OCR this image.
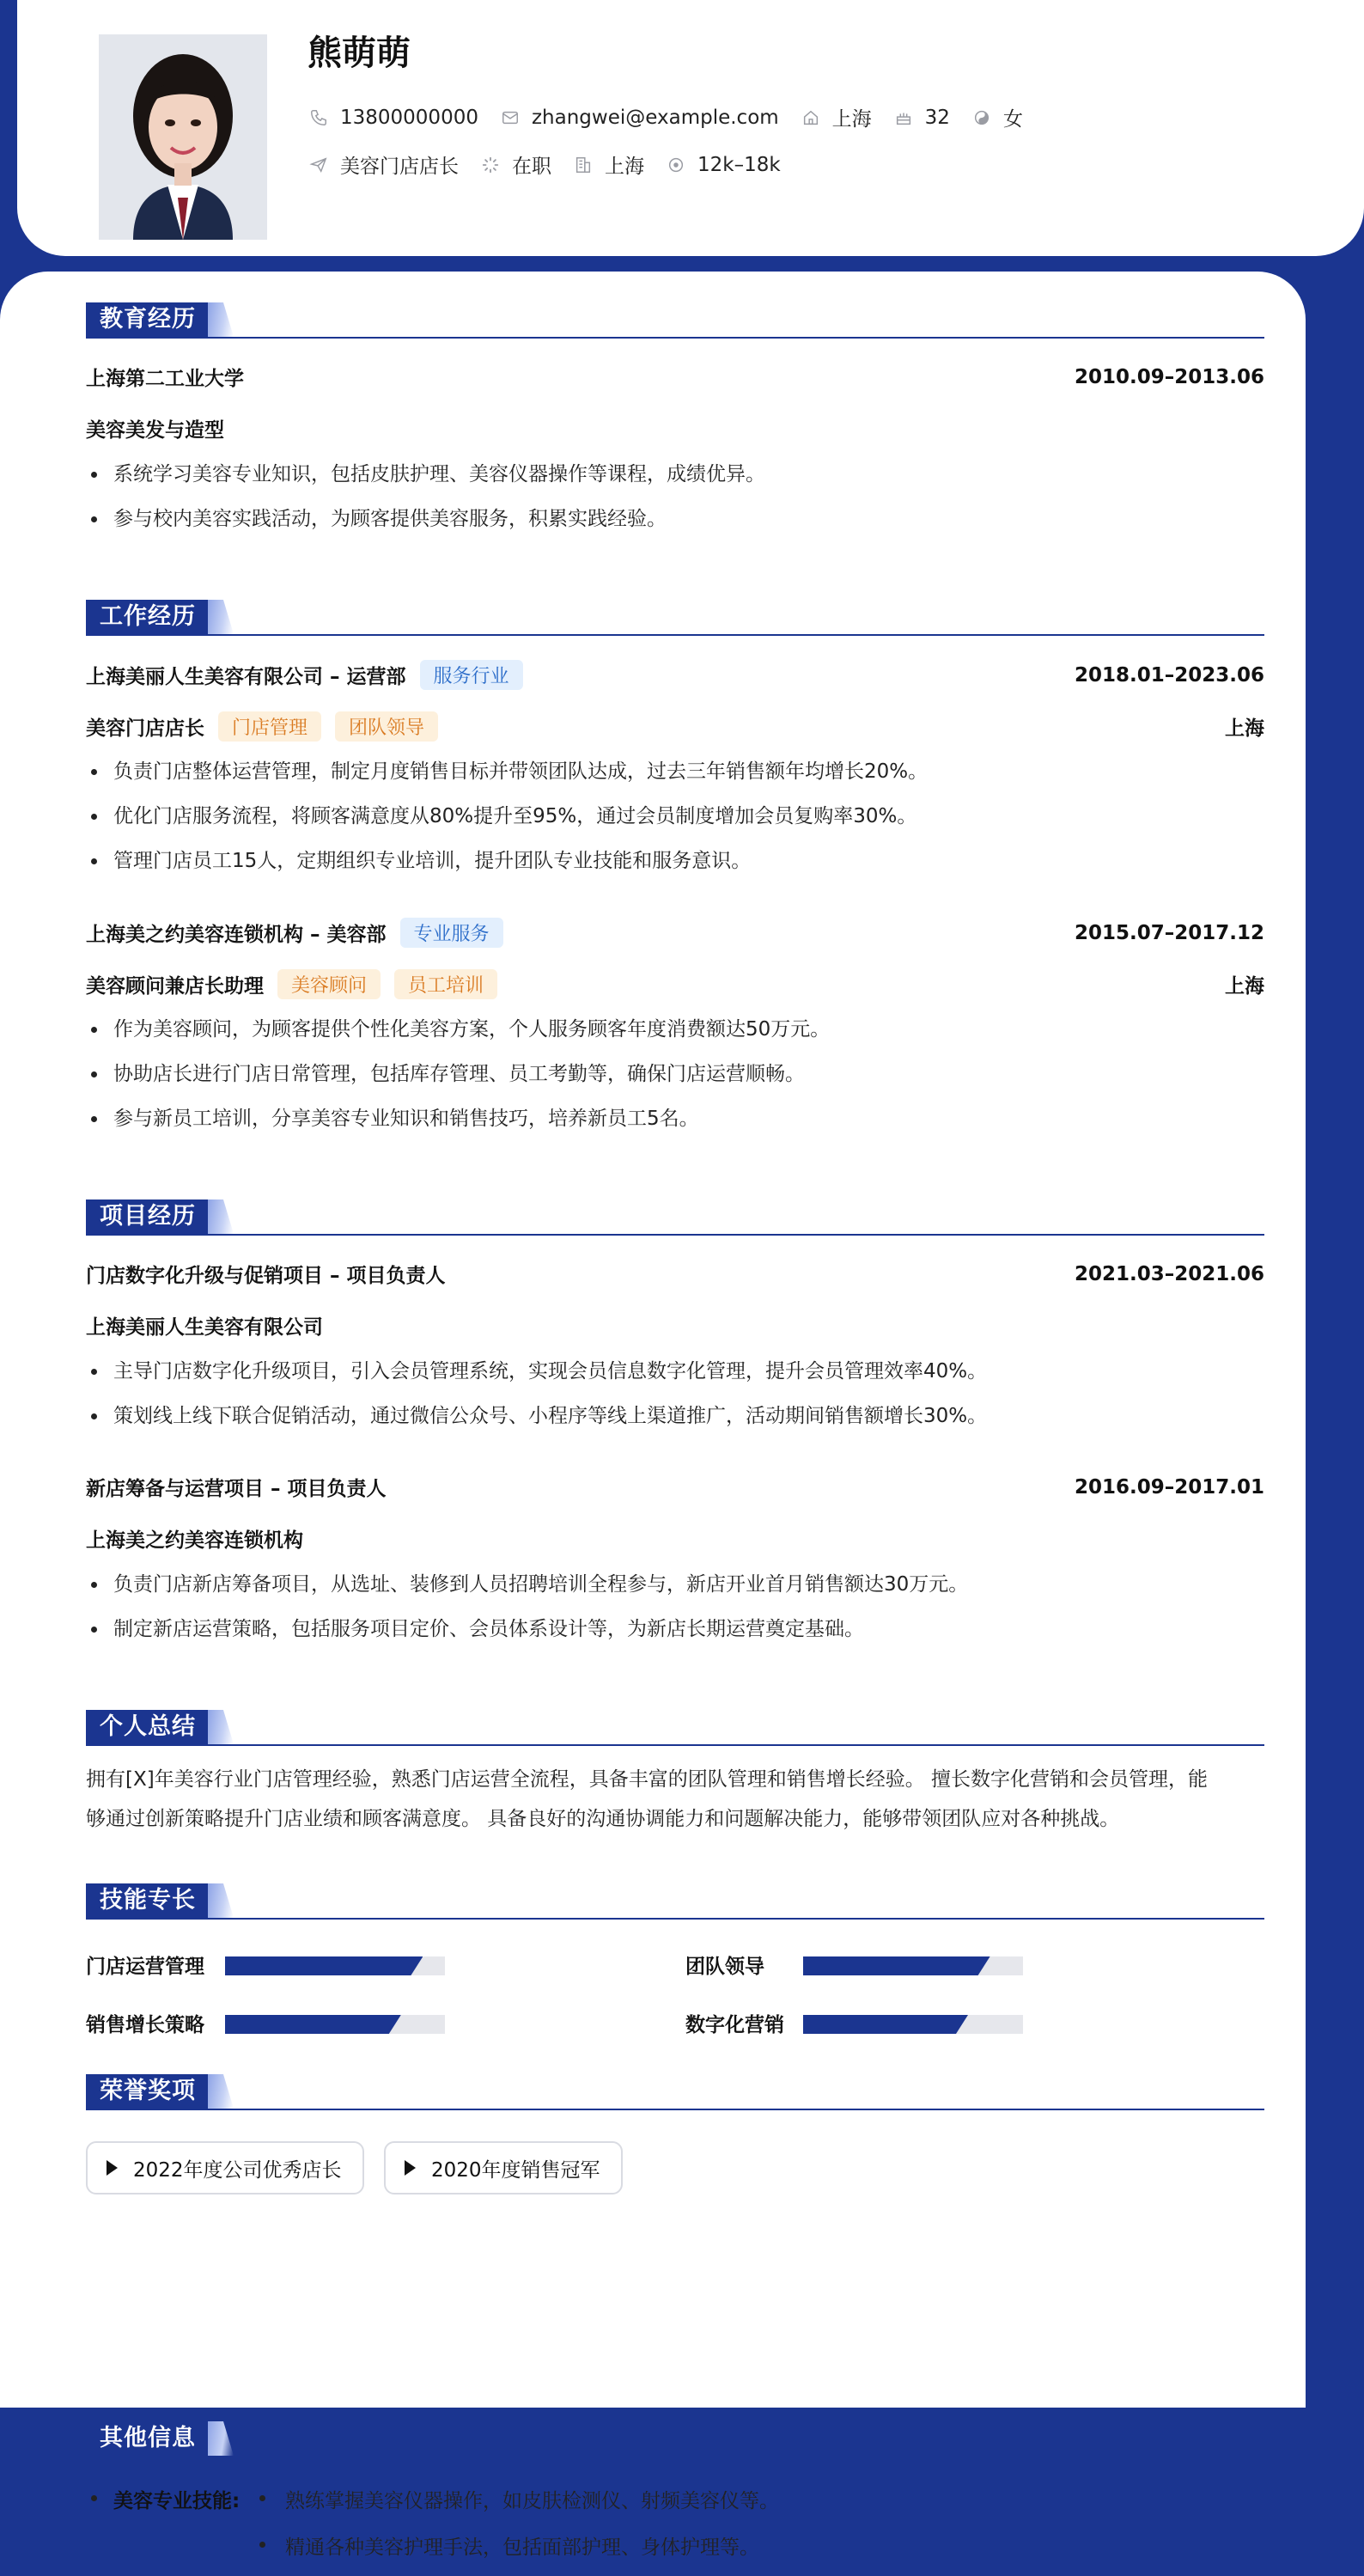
熊萌萌
13800000000	zhangwei@example.com	上海	32	女
美容门店店长	在职	上海	12k–18k
教育经历
上海第二工业大学	2010.09–2013.06
美容美发与造型
系统学习美容专业知识，包括皮肤护理、美容仪器操作等课程，成绩优异。
参与校内美容实践活动，为顾客提供美容服务，积累实践经验。
工作经历
上海美丽人生美容有限公司 – 运营部	服务行业	2018.01–2023.06
美容门店店长	门店管理	团队领导	上海
负责门店整体运营管理，制定月度销售目标并带领团队达成，过去三年销售额年均增长20%。
优化门店服务流程，将顾客满意度从80%提升至95%，通过会员制度增加会员复购率30%。
管理门店员工15人，定期组织专业培训，提升团队专业技能和服务意识。
上海美之约美容连锁机构 – 美容部	专业服务	2015.07–2017.12
美容顾问兼店长助理	美容顾问	员工培训	上海
作为美容顾问，为顾客提供个性化美容方案，个人服务顾客年度消费额达50万元。
协助店长进行门店日常管理，包括库存管理、员工考勤等，确保门店运营顺畅。
参与新员工培训，分享美容专业知识和销售技巧，培养新员工5名。
项目经历
门店数字化升级与促销项目 – 项目负责人	2021.03–2021.06
上海美丽人生美容有限公司
主导门店数字化升级项目，引入会员管理系统，实现会员信息数字化管理，提升会员管理效率40%。
策划线上线下联合促销活动，通过微信公众号、小程序等线上渠道推广，活动期间销售额增长30%。
新店筹备与运营项目 – 项目负责人	2016.09–2017.01
上海美之约美容连锁机构
负责门店新店筹备项目，从选址、装修到人员招聘培训全程参与，新店开业首月销售额达30万元。
制定新店运营策略，包括服务项目定价、会员体系设计等，为新店长期运营奠定基础。
个人总结
拥有[X]年美容行业门店管理经验，熟悉门店运营全流程，具备丰富的团队管理和销售增长经验。 擅长数字化营销和会员管理，能
够通过创新策略提升门店业绩和顾客满意度。 具备良好的沟通协调能力和问题解决能力，能够带领团队应对各种挑战。
技能专长
门店运营管理	团队领导
销售增长策略	数字化营销
荣誉奖项
2022年度公司优秀店长	2020年度销售冠军
其他信息
美容专业技能: 熟练掌握美容仪器操作，如皮肤检测仪、射频美容仪等。
精通各种美容护理手法，包括面部护理、身体护理等。
